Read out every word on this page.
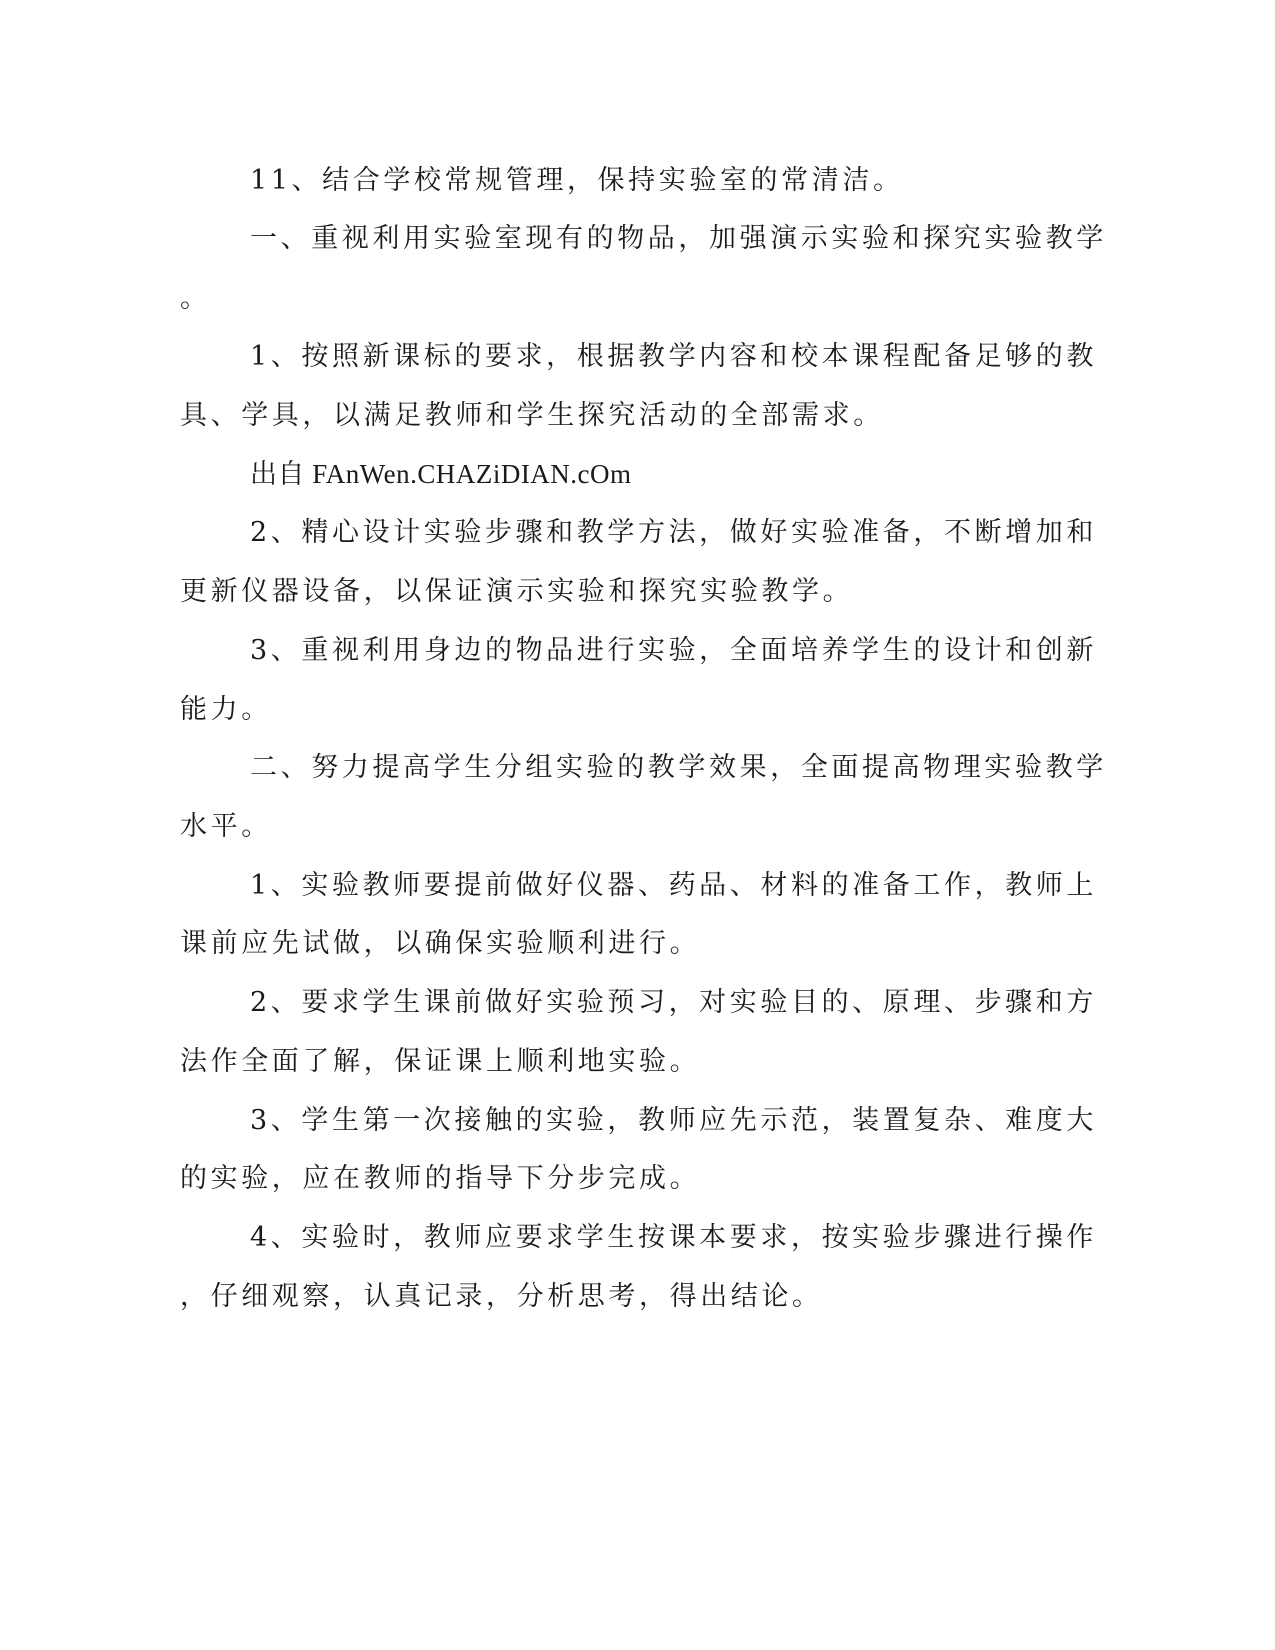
11、结合学校常规管理，保持实验室的常清洁。
一、重视利用实验室现有的物品，加强演示实验和探究实验教学
。
1、按照新课标的要求，根据教学内容和校本课程配备足够的教
具、学具，以满足教师和学生探究活动的全部需求。
出自 FAnWen.CHAZiDIAN.cOm
2、精心设计实验步骤和教学方法，做好实验准备，不断增加和
更新仪器设备，以保证演示实验和探究实验教学。
3、重视利用身边的物品进行实验，全面培养学生的设计和创新
能力。
二、努力提高学生分组实验的教学效果，全面提高物理实验教学
水平。
1、实验教师要提前做好仪器、药品、材料的准备工作，教师上
课前应先试做，以确保实验顺利进行。
2、要求学生课前做好实验预习，对实验目的、原理、步骤和方
法作全面了解，保证课上顺利地实验。
3、学生第一次接触的实验，教师应先示范，装置复杂、难度大
的实验，应在教师的指导下分步完成。
4、实验时，教师应要求学生按课本要求，按实验步骤进行操作
，仔细观察，认真记录，分析思考，得出结论。
